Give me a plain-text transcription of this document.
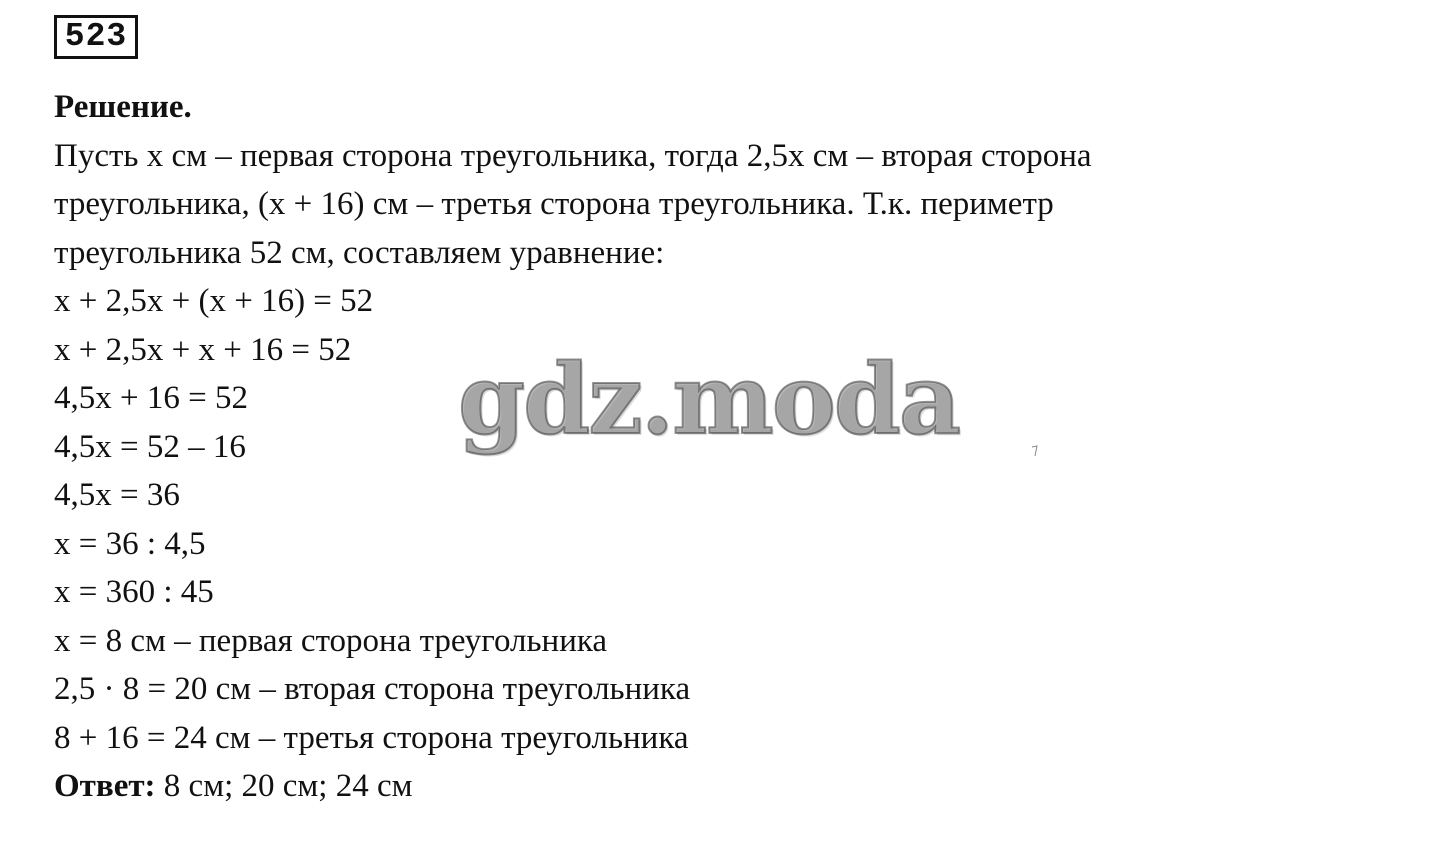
523
Решение.
Пусть x см – первая сторона треугольника, тогда 2,5x см – вторая сторона
треугольника, (x + 16) см – третья сторона треугольника. Т.к. периметр
треугольника 52 см, составляем уравнение:
x + 2,5x + (x + 16) = 52
x + 2,5x + x + 16 = 52
4,5x + 16 = 52
4,5x = 52 – 16
4,5x = 36
x = 36 : 4,5
x = 360 : 45
x = 8 см – первая сторона треугольника
2,5 · 8 = 20 см – вторая сторона треугольника
8 + 16 = 24 см – третья сторона треугольника
Ответ: 8 см; 20 см; 24 см
gdz.moda
